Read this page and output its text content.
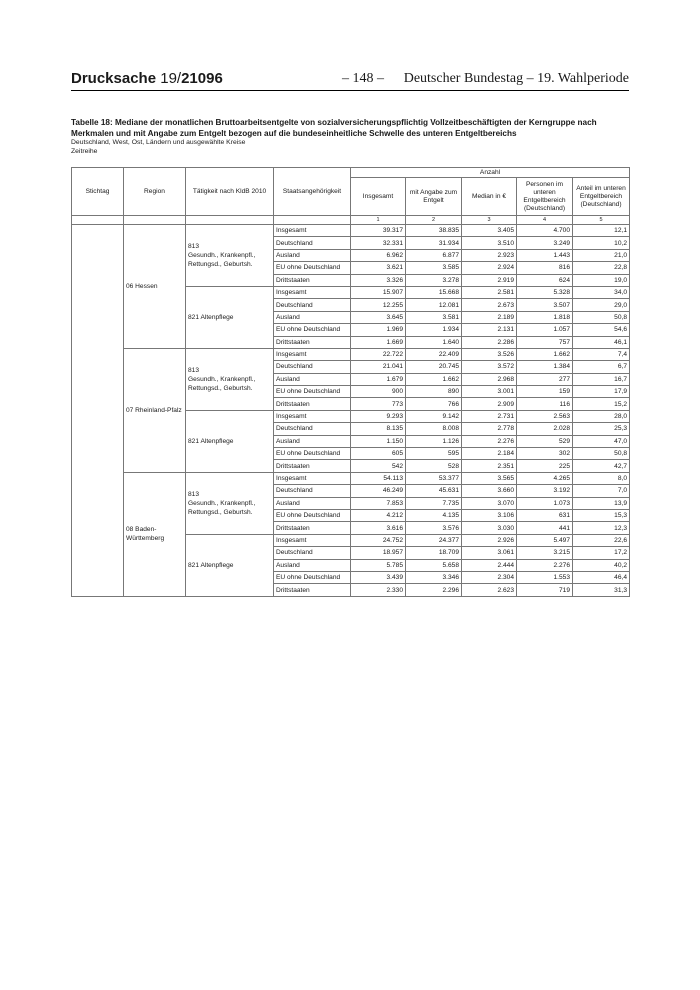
Drucksache 19/21096	– 148 – Deutscher Bundestag – 19. Wahlperiode
Tabelle 18: Mediane der monatlichen Bruttoarbeitsentgelte von sozialversicherungspflichtig Vollzeitbeschäftigten der Kerngruppe nach Merkmalen und mit Angabe zum Entgelt bezogen auf die bundeseinheitliche Schwelle des unteren Entgeltbereichs
Deutschland, West, Ost, Ländern und ausgewählte Kreise
Zeitreihe
Stichtag	Region	Tätigkeit nach KldB 2010	Staatsangehörigkeit	Anzahl				
				Insgesamt	mit Angabe zum Entgelt	Median in €	Personen im unteren Entgeltbereich (Deutschland)	Anteil im unteren Entgeltbereich (Deutschland)
				1	2	3	4	5

	06 Hessen	813
Gesundh., Krankenpfl.,
Rettungsd., Geburtsh.	Insgesamt	39.317	38.835	3.405	4.700	12,1
			Deutschland	32.331	31.934	3.510	3.249	10,2
			Ausland	6.962	6.877	2.923	1.443	21,0
			EU ohne Deutschland	3.621	3.585	2.924	816	22,8
			Drittstaaten	3.326	3.278	2.919	624	19,0

		821 Altenpflege	Insgesamt	15.907	15.668	2.581	5.328	34,0
			Deutschland	12.255	12.081	2.673	3.507	29,0
			Ausland	3.645	3.581	2.189	1.818	50,8
			EU ohne Deutschland	1.969	1.934	2.131	1.057	54,6
			Drittstaaten	1.669	1.640	2.286	757	46,1

	07 Rheinland-Pfalz	813
Gesundh., Krankenpfl.,
Rettungsd., Geburtsh.	Insgesamt	22.722	22.409	3.526	1.662	7,4
			Deutschland	21.041	20.745	3.572	1.384	6,7
			Ausland	1.679	1.662	2.968	277	16,7
			EU ohne Deutschland	900	890	3.001	159	17,9
			Drittstaaten	773	766	2.909	116	15,2

		821 Altenpflege	Insgesamt	9.293	9.142	2.731	2.563	28,0
			Deutschland	8.135	8.008	2.778	2.028	25,3
			Ausland	1.150	1.126	2.276	529	47,0
			EU ohne Deutschland	605	595	2.184	302	50,8
			Drittstaaten	542	528	2.351	225	42,7

	08 Baden-
Württemberg	813
Gesundh., Krankenpfl.,
Rettungsd., Geburtsh.	Insgesamt	54.113	53.377	3.565	4.265	8,0
			Deutschland	46.249	45.631	3.660	3.192	7,0
			Ausland	7.853	7.735	3.070	1.073	13,9
			EU ohne Deutschland	4.212	4.135	3.106	631	15,3
			Drittstaaten	3.616	3.576	3.030	441	12,3

		821 Altenpflege	Insgesamt	24.752	24.377	2.926	5.497	22,6
			Deutschland	18.957	18.709	3.061	3.215	17,2
			Ausland	5.785	5.658	2.444	2.276	40,2
			EU ohne Deutschland	3.439	3.346	2.304	1.553	46,4
			Drittstaaten	2.330	2.296	2.623	719	31,3
